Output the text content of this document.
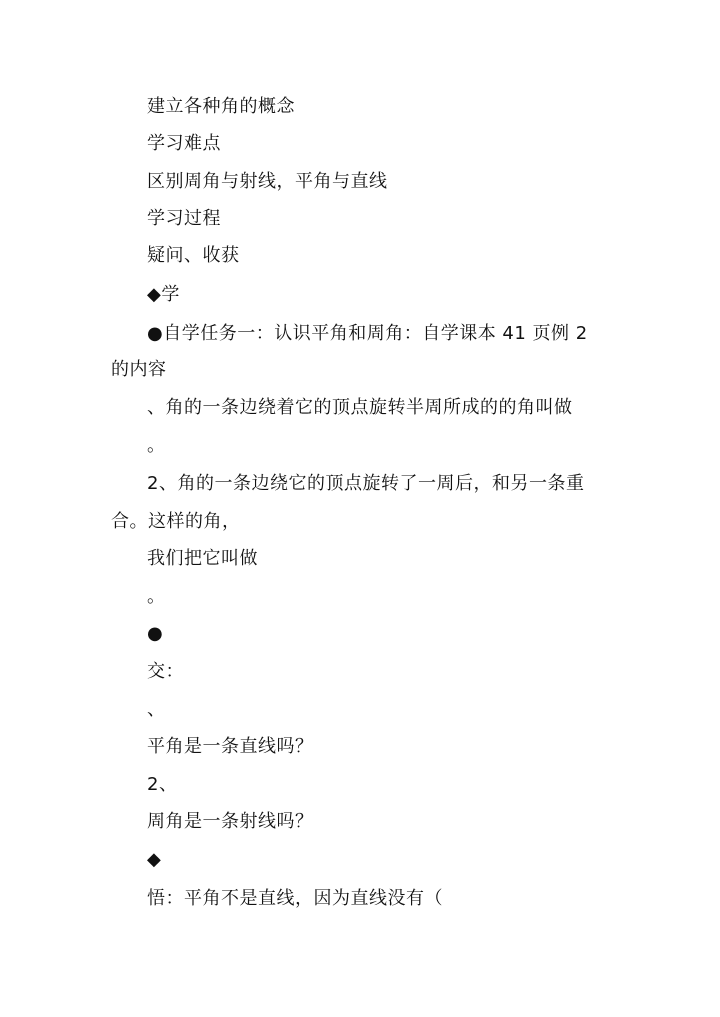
建立各种角的概念
学习难点
区别周角与射线，平角与直线
学习过程
疑问、收获
◆学
●自学任务一：认识平角和周角：自学课本 41 页例 2
的内容
、角的一条边绕着它的顶点旋转半周所成的的角叫做
。
2、角的一条边绕它的顶点旋转了一周后，和另一条重
合。这样的角，
我们把它叫做
。
●
交：
、
平角是一条直线吗？
2、
周角是一条射线吗？
◆
悟：平角不是直线，因为直线没有（
